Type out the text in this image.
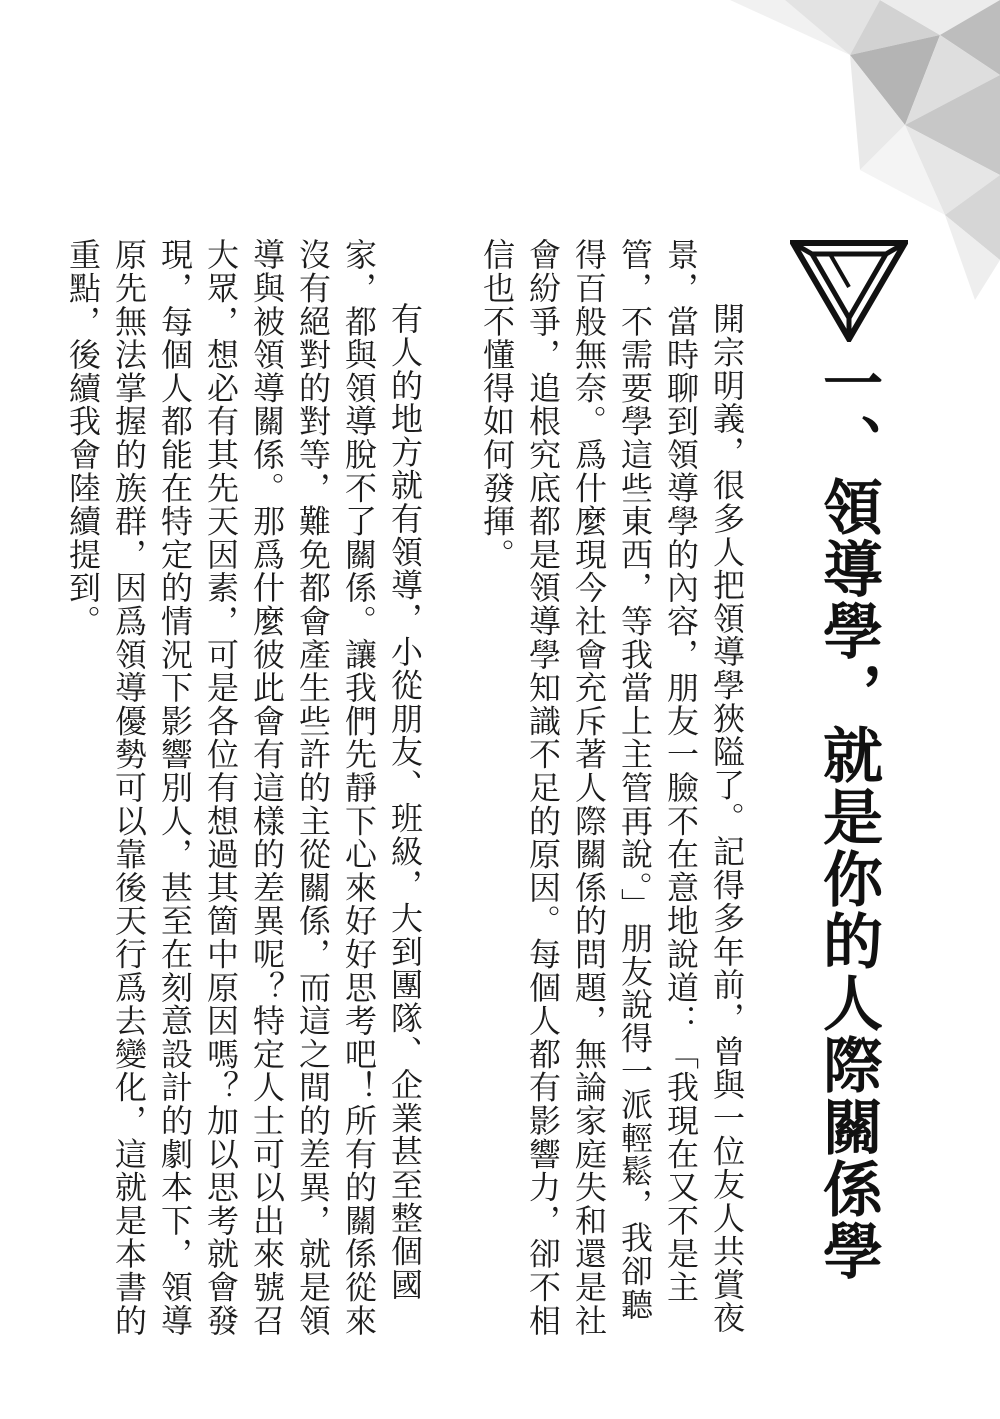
一、領導學，就是你的人際關係學

開宗明義，很多人把領導學狹隘了。記得多年前，曾與一位友人共賞夜景，當時聊到領導學的內容，朋友一臉不在意地說道：「我現在又不是主管，不需要學這些東西，等我當上主管再說。」朋友說得一派輕鬆，我卻聽得百般無奈。爲什麼現今社會充斥著人際關係的問題，無論家庭失和還是社會紛爭，追根究底都是領導學知識不足的原因。每個人都有影響力，卻不相信也不懂得如何發揮。

有人的地方就有領導，小從朋友、班級，大到團隊、企業甚至整個國家，都與領導脫不了關係。讓我們先靜下心來好好思考吧！所有的關係從來沒有絕對的對等，難免都會產生些許的主從關係，而這之間的差異，就是領導與被領導關係。那爲什麼彼此會有這樣的差異呢？特定人士可以出來號召大眾，想必有其先天因素，可是各位有想過其箇中原因嗎？加以思考就會發現，每個人都能在特定的情況下影響別人，甚至在刻意設計的劇本下，領導原先無法掌握的族群，因爲領導優勢可以靠後天行爲去變化，這就是本書的重點，後續我會陸續提到。
